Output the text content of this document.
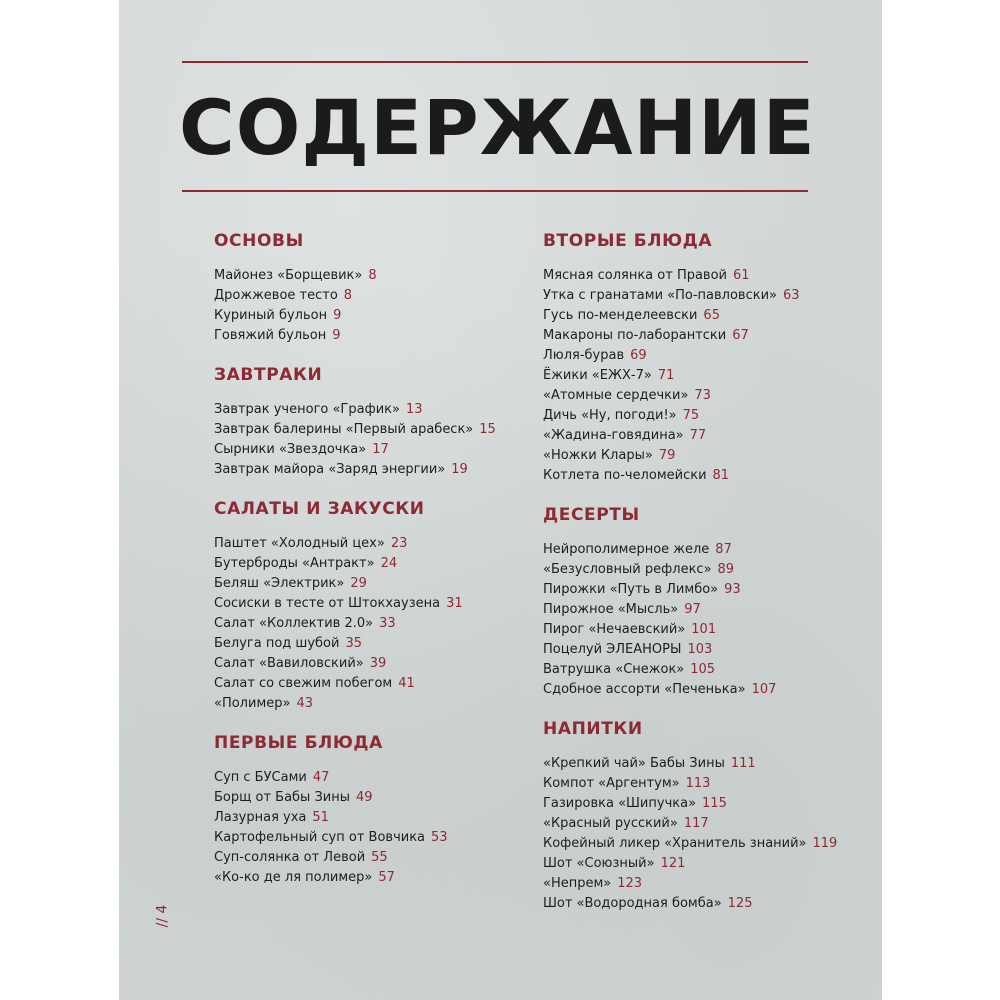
СОДЕРЖАНИЕ
ОСНОВЫ
Майонез «Борщевик» 8
Дрожжевое тесто 8
Куриный бульон 9
Говяжий бульон 9
ЗАВТРАКИ
Завтрак ученого «График» 13
Завтрак балерины «Первый арабеск» 15
Сырники «Звездочка» 17
Завтрак майора «Заряд энергии» 19
САЛАТЫ И ЗАКУСКИ
Паштет «Холодный цех» 23
Бутерброды «Антракт» 24
Беляш «Электрик» 29
Сосиски в тесте от Штокхаузена 31
Салат «Коллектив 2.0» 33
Белуга под шубой 35
Салат «Вавиловский» 39
Салат со свежим побегом 41
«Полимер» 43
ПЕРВЫЕ БЛЮДА
Суп с БУСами 47
Борщ от Бабы Зины 49
Лазурная уха 51
Картофельный суп от Вовчика 53
Суп-солянка от Левой 55
«Ко-ко де ля полимер» 57
ВТОРЫЕ БЛЮДА
Мясная солянка от Правой 61
Утка с гранатами «По-павловски» 63
Гусь по-менделеевски 65
Макароны по-лаборантски 67
Люля-бурав 69
Ёжики «ЕЖХ-7» 71
«Атомные сердечки» 73
Дичь «Ну, погоди!» 75
«Жадина-говядина» 77
«Ножки Клары» 79
Котлета по-челомейски 81
ДЕСЕРТЫ
Нейрополимерное желе 87
«Безусловный рефлекс» 89
Пирожки «Путь в Лимбо» 93
Пирожное «Мысль» 97
Пирог «Нечаевский» 101
Поцелуй ЭЛЕАНОРЫ 103
Ватрушка «Снежок» 105
Сдобное ассорти «Печенька» 107
НАПИТКИ
«Крепкий чай» Бабы Зины 111
Компот «Аргентум» 113
Газировка «Шипучка» 115
«Красный русский» 117
Кофейный ликер «Хранитель знаний» 119
Шот «Союзный» 121
«Непрем» 123
Шот «Водородная бомба» 125
// 4
